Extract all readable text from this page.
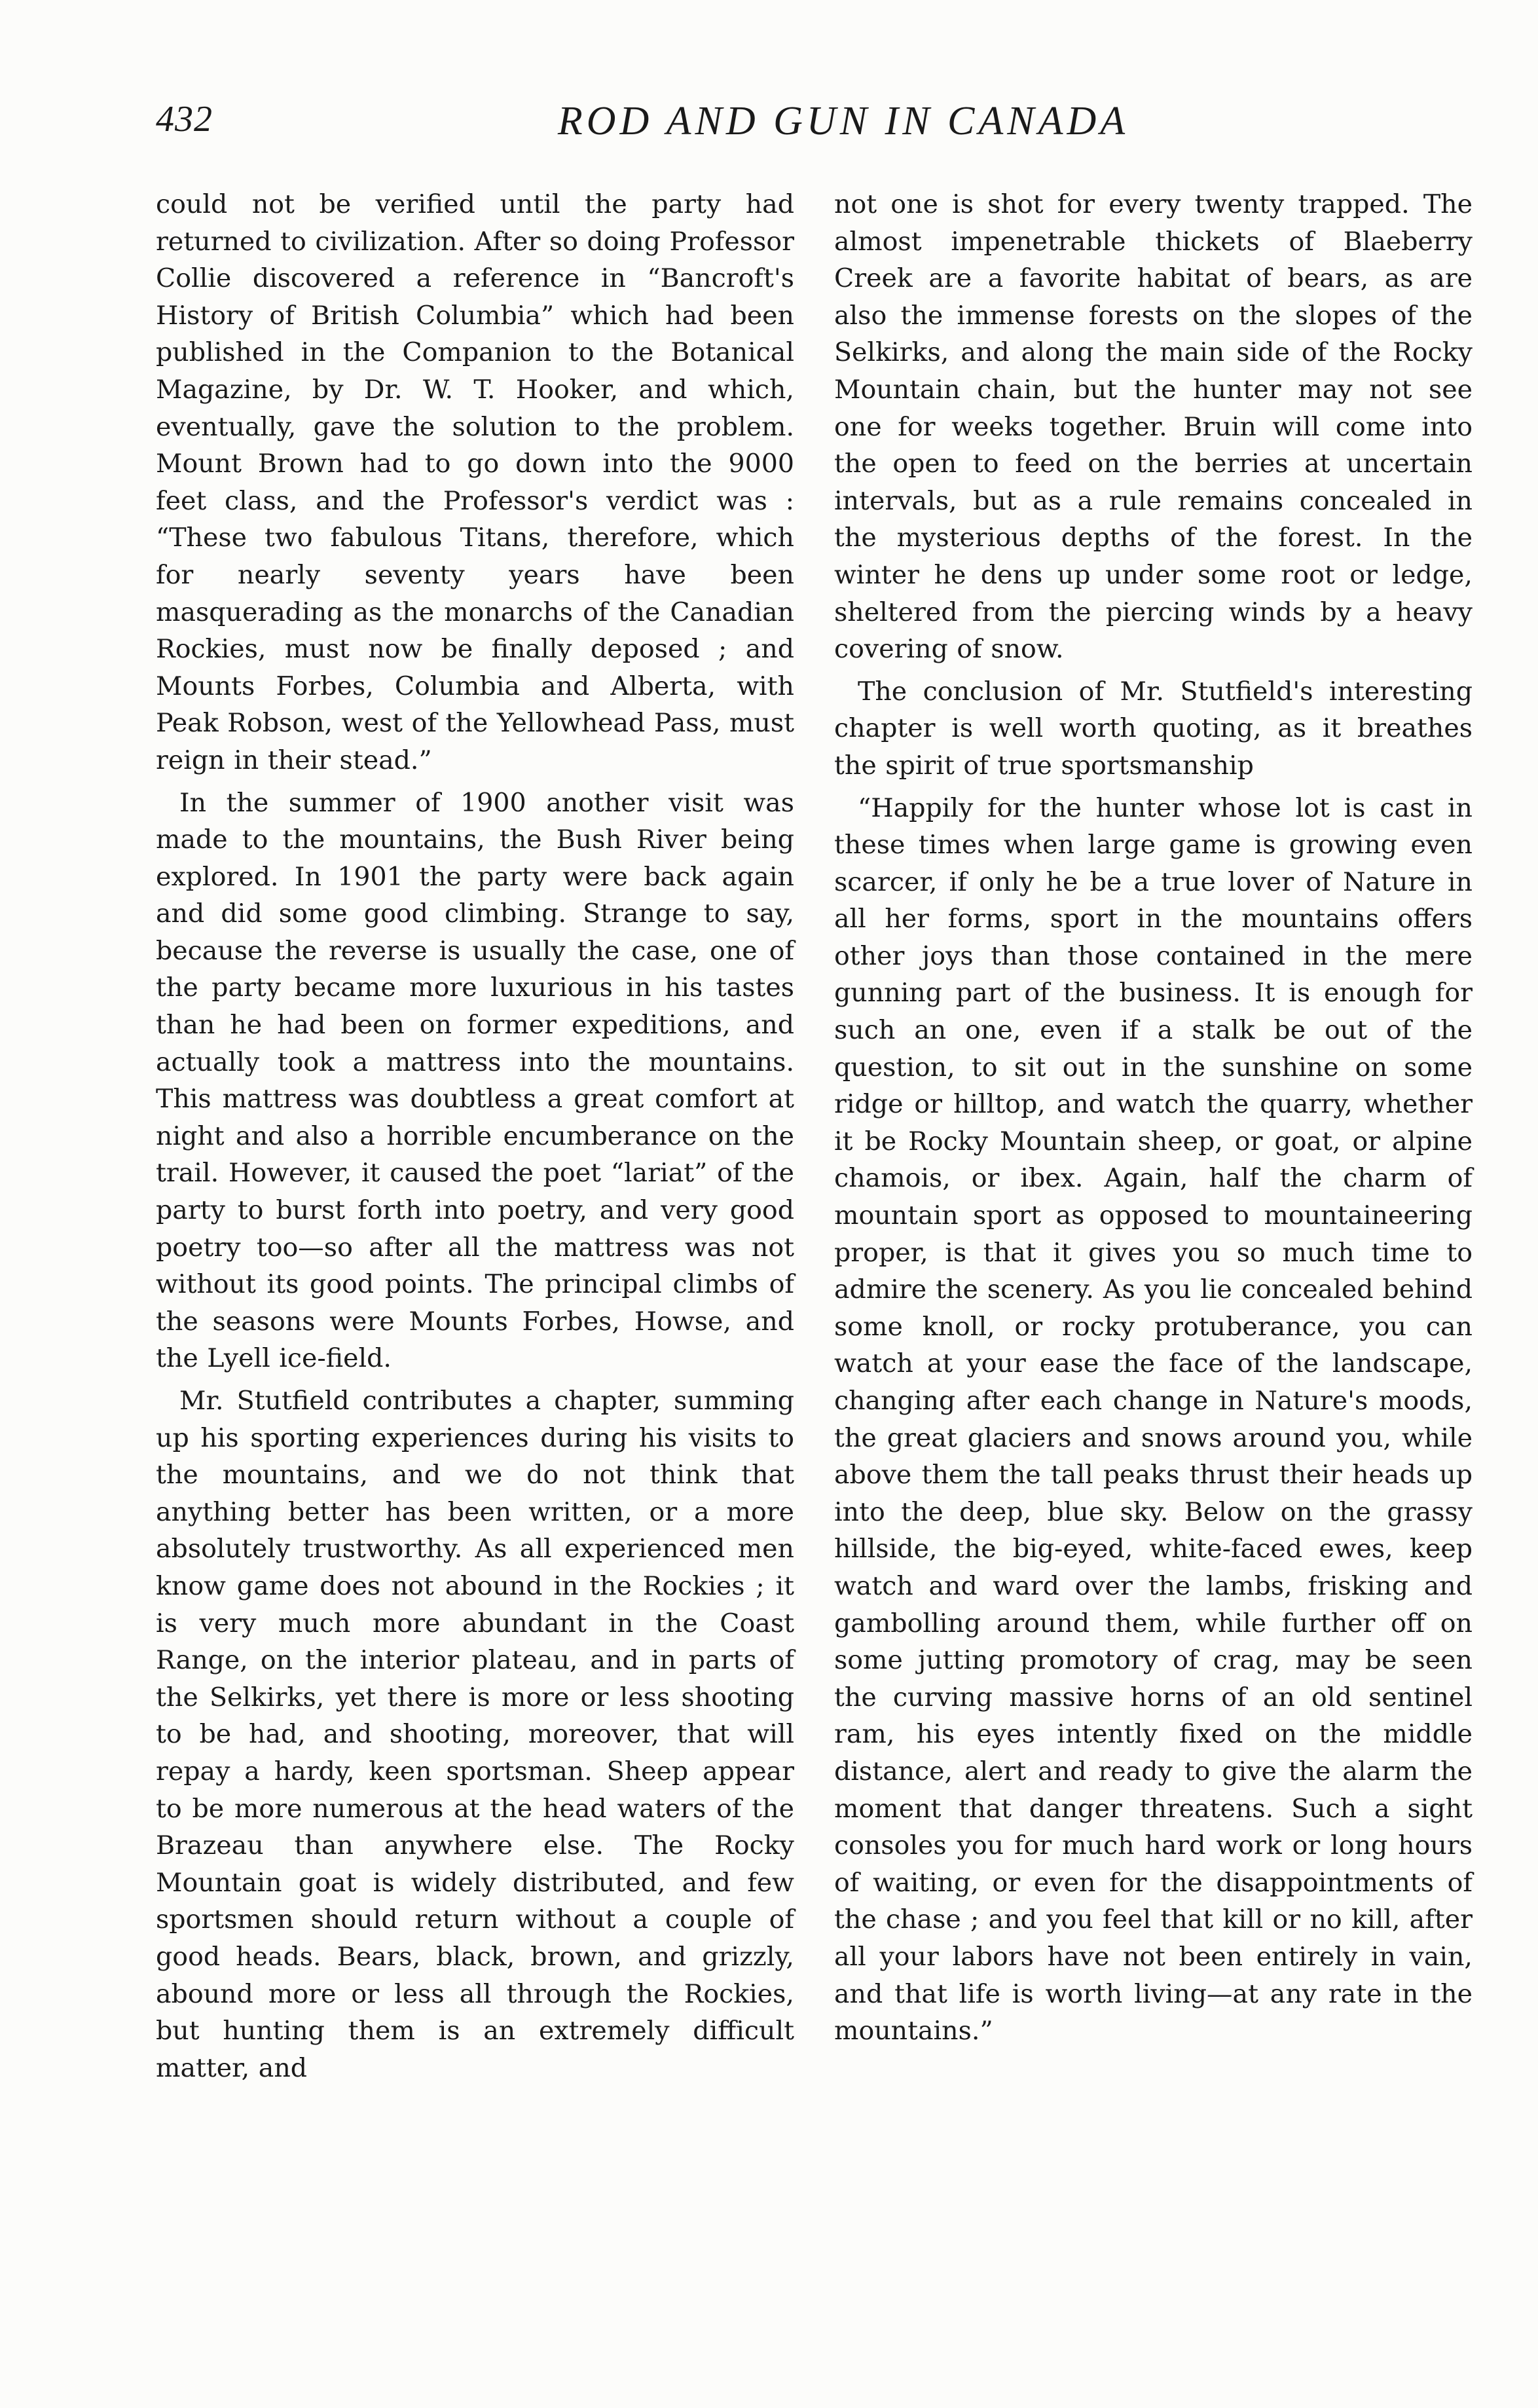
432	ROD AND GUN IN CANADA

could not be verified until the party had returned to civilization. After so doing Professor Collie discovered a reference in “Bancroft's History of British Columbia” which had been published in the Companion to the Botanical Magazine, by Dr. W. T. Hooker, and which, eventually, gave the solution to the problem. Mount Brown had to go down into the 9000 feet class, and the Professor's verdict was : “These two fabulous Titans, therefore, which for nearly seventy years have been masquerading as the monarchs of the Canadian Rockies, must now be finally deposed ; and Mounts Forbes, Columbia and Alberta, with Peak Robson, west of the Yellowhead Pass, must reign in their stead.”

In the summer of 1900 another visit was made to the mountains, the Bush River being explored. In 1901 the party were back again and did some good climbing. Strange to say, because the reverse is usually the case, one of the party became more luxurious in his tastes than he had been on former expeditions, and actually took a mattress into the mountains. This mattress was doubtless a great comfort at night and also a horrible encumberance on the trail. However, it caused the poet “lariat” of the party to burst forth into poetry, and very good poetry too—so after all the mattress was not without its good points. The principal climbs of the seasons were Mounts Forbes, Howse, and the Lyell ice-field.

Mr. Stutfield contributes a chapter, summing up his sporting experiences during his visits to the mountains, and we do not think that anything better has been written, or a more absolutely trustworthy. As all experienced men know game does not abound in the Rockies ; it is very much more abundant in the Coast Range, on the interior plateau, and in parts of the Selkirks, yet there is more or less shooting to be had, and shooting, moreover, that will repay a hardy, keen sportsman. Sheep appear to be more numerous at the head waters of the Brazeau than anywhere else. The Rocky Mountain goat is widely distributed, and few sportsmen should return without a couple of good heads. Bears, black, brown, and grizzly, abound more or less all through the Rockies, but hunting them is an extremely difficult matter, and

not one is shot for every twenty trapped. The almost impenetrable thickets of Blaeberry Creek are a favorite habitat of bears, as are also the immense forests on the slopes of the Selkirks, and along the main side of the Rocky Mountain chain, but the hunter may not see one for weeks together. Bruin will come into the open to feed on the berries at uncertain intervals, but as a rule remains concealed in the mysterious depths of the forest. In the winter he dens up under some root or ledge, sheltered from the piercing winds by a heavy covering of snow.

The conclusion of Mr. Stutfield's interesting chapter is well worth quoting, as it breathes the spirit of true sportsmanship

“Happily for the hunter whose lot is cast in these times when large game is growing even scarcer, if only he be a true lover of Nature in all her forms, sport in the mountains offers other joys than those contained in the mere gunning part of the business. It is enough for such an one, even if a stalk be out of the question, to sit out in the sunshine on some ridge or hilltop, and watch the quarry, whether it be Rocky Mountain sheep, or goat, or alpine chamois, or ibex. Again, half the charm of mountain sport as opposed to mountaineering proper, is that it gives you so much time to admire the scenery. As you lie concealed behind some knoll, or rocky protuberance, you can watch at your ease the face of the landscape, changing after each change in Nature's moods, the great glaciers and snows around you, while above them the tall peaks thrust their heads up into the deep, blue sky. Below on the grassy hillside, the big-eyed, white-faced ewes, keep watch and ward over the lambs, frisking and gambolling around them, while further off on some jutting promotory of crag, may be seen the curving massive horns of an old sentinel ram, his eyes intently fixed on the middle distance, alert and ready to give the alarm the moment that danger threatens. Such a sight consoles you for much hard work or long hours of waiting, or even for the disappointments of the chase ; and you feel that kill or no kill, after all your labors have not been entirely in vain, and that life is worth living—at any rate in the mountains.”
